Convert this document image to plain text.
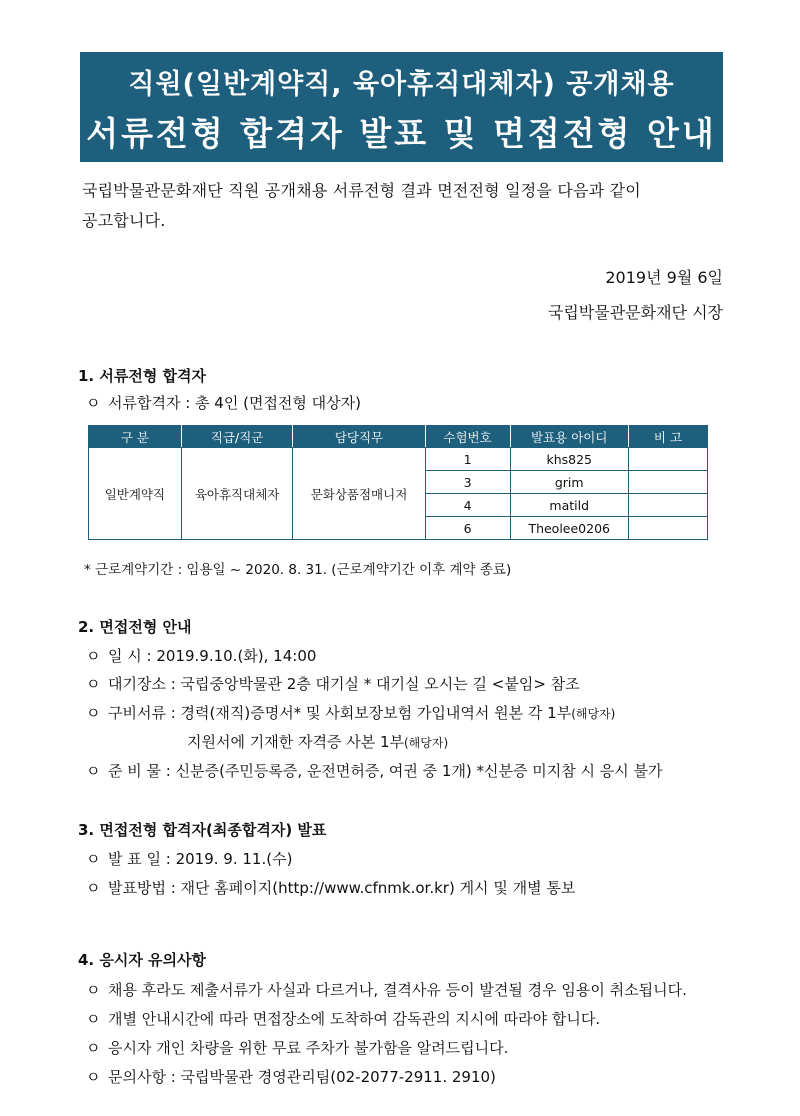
직원(일반계약직, 육아휴직대체자) 공개채용
서류전형 합격자 발표 및 면접전형 안내
국립박물관문화재단 직원 공개채용 서류전형 결과 면전전형 일정을 다음과 같이
공고합니다.
2019년 9월 6일
국립박물관문화재단 시장
1. 서류전형 합격자
ㅇ 서류합격자 : 총 4인 (면접전형 대상자)
구 분	직급/직군	담당직무	수험번호	발표용 아이디	비 고
일반계약직	육아휴직대체자	문화상품점매니저	1	khs825	
			3	grim	
			4	matild	
			6	Theolee0206	
* 근로계약기간 : 임용일 ~ 2020. 8. 31. (근로계약기간 이후 계약 종료)
2. 면접전형 안내
ㅇ 일 시 : 2019.9.10.(화), 14:00
ㅇ 대기장소 : 국립중앙박물관 2층 대기실 * 대기실 오시는 길 <붙임> 참조
ㅇ 구비서류 : 경력(재직)증명서* 및 사회보장보험 가입내역서 원본 각 1부(해당자)
지원서에 기재한 자격증 사본 1부(해당자)
ㅇ 준 비 물 : 신분증(주민등록증, 운전면허증, 여권 중 1개) *신분증 미지참 시 응시 불가
3. 면접전형 합격자(최종합격자) 발표
ㅇ 발 표 일 : 2019. 9. 11.(수)
ㅇ 발표방법 : 재단 홈페이지(http://www.cfnmk.or.kr) 게시 및 개별 통보
4. 응시자 유의사항
ㅇ 채용 후라도 제출서류가 사실과 다르거나, 결격사유 등이 발견될 경우 임용이 취소됩니다.
ㅇ 개별 안내시간에 따라 면접장소에 도착하여 감독관의 지시에 따라야 합니다.
ㅇ 응시자 개인 차량을 위한 무료 주차가 불가함을 알려드립니다.
ㅇ 문의사항 : 국립박물관 경영관리팀(02-2077-2911. 2910)
